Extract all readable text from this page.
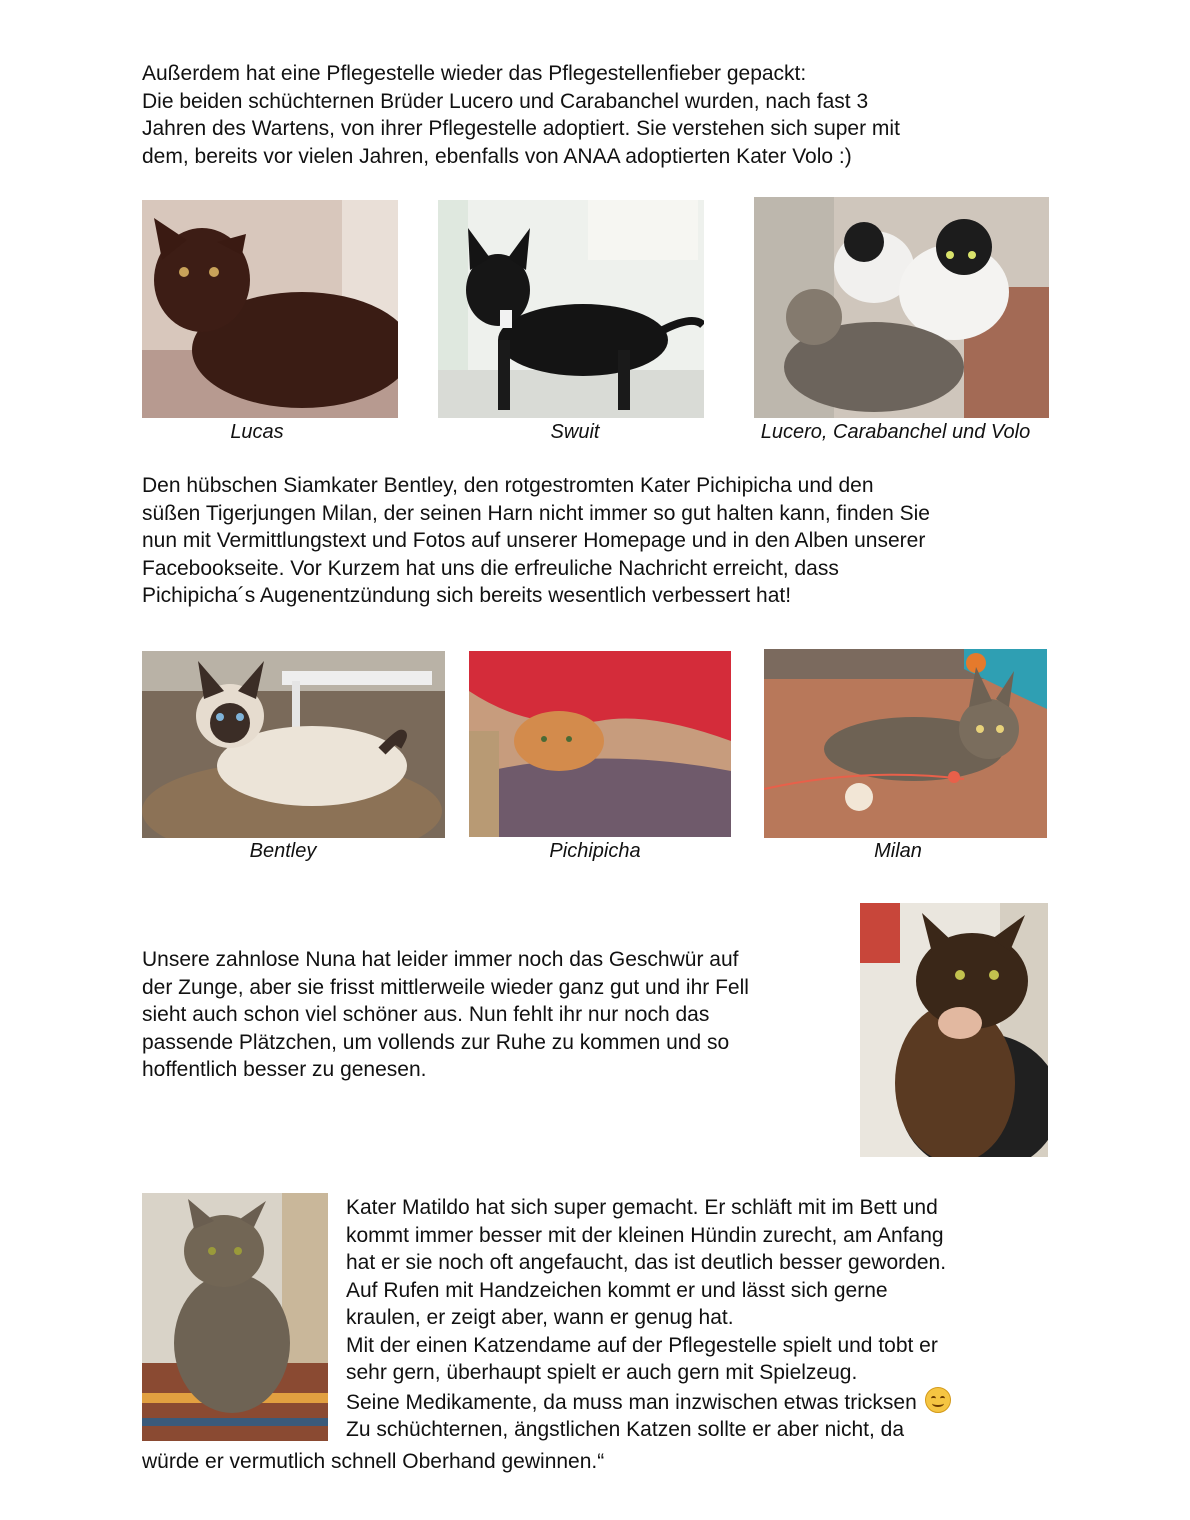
Außerdem hat eine Pflegestelle wieder das Pflegestellenfieber gepackt:
Die beiden schüchternen Brüder Lucero und Carabanchel wurden, nach fast 3
Jahren des Wartens, von ihrer Pflegestelle adoptiert. Sie verstehen sich super mit
dem, bereits vor vielen Jahren, ebenfalls von ANAA adoptierten Kater Volo :)
Lucas	Swuit	Lucero, Carabanchel und Volo
Den hübschen Siamkater Bentley, den rotgestromten Kater Pichipicha und den
süßen Tigerjungen Milan, der seinen Harn nicht immer so gut halten kann, finden Sie
nun mit Vermittlungstext und Fotos auf unserer Homepage und in den Alben unserer
Facebookseite. Vor Kurzem hat uns die erfreuliche Nachricht erreicht, dass
Pichipicha´s Augenentzündung sich bereits wesentlich verbessert hat!
Bentley	Pichipicha	Milan
Unsere zahnlose Nuna hat leider immer noch das Geschwür auf
der Zunge, aber sie frisst mittlerweile wieder ganz gut und ihr Fell
sieht auch schon viel schöner aus. Nun fehlt ihr nur noch das
passende Plätzchen, um vollends zur Ruhe zu kommen und so
hoffentlich besser zu genesen.
Kater Matildo hat sich super gemacht. Er schläft mit im Bett und
kommt immer besser mit der kleinen Hündin zurecht, am Anfang
hat er sie noch oft angefaucht, das ist deutlich besser geworden.
Auf Rufen mit Handzeichen kommt er und lässt sich gerne
kraulen, er zeigt aber, wann er genug hat.
Mit der einen Katzendame auf der Pflegestelle spielt und tobt er
sehr gern, überhaupt spielt er auch gern mit Spielzeug.
Seine Medikamente, da muss man inzwischen etwas tricksen
Zu schüchternen, ängstlichen Katzen sollte er aber nicht, da
würde er vermutlich schnell Oberhand gewinnen.“
